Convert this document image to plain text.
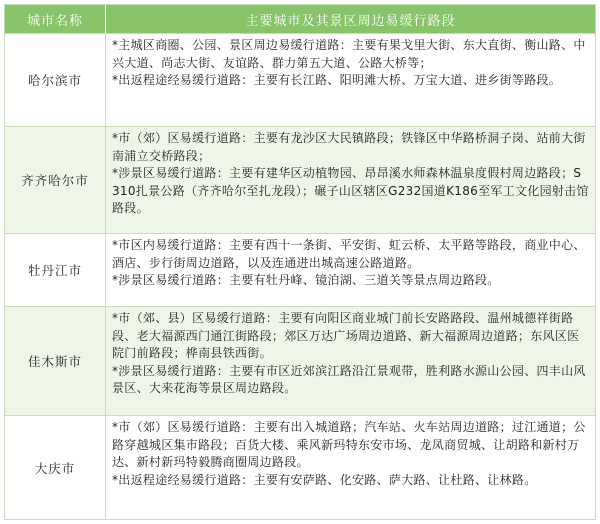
城市名称	主要城市及其景区周边易缓行路段
哈尔滨市

*主城区商圈、公园、景区周边易缓行道路：主要有果戈里大街、东大直街、衡山路、中兴大道、尚志大街、友谊路、群力第五大道、公路大桥等；

*出返程途经易缓行道路：主要有长江路、阳明滩大桥、万宝大道、进乡街等路段。

齐齐哈尔市

*市（郊）区易缓行道路：主要有龙沙区大民镇路段；铁锋区中华路桥洞子岗、站前大街南浦立交桥路段；

*涉景区易缓行道路：主要有建华区动植物园、昂昂溪水师森林温泉度假村周边路段；S310扎景公路（齐齐哈尔至扎龙段）；碾子山区辖区G232国道K186至军工文化园射击馆路段。

牡丹江市

*市区内易缓行道路：主要有西十一条街、平安街、虹云桥、太平路等路段，商业中心、酒店、步行街周边道路，以及连通进出城高速公路道路。

*涉景区易缓行道路：主要有牡丹峰、镜泊湖、三道关等景点周边路段。

佳木斯市

*市（郊、县）区易缓行道路：主要有向阳区商业城门前长安路路段、温州城德祥街路段、老大福源西门通江街路段；郊区万达广场周边道路、新大福源周边道路；东风区医院门前路段；桦南县铁西街。

*涉景区易缓行道路：主要有市区近郊滨江路沿江景观带，胜利路水源山公园、四丰山风景区、大来花海等景区周边路段。

大庆市

*市（郊）区易缓行道路：主要有出入城道路；汽车站、火车站周边道路；过江通道；公路穿越城区集市路段；百货大楼、乘风新玛特东安市场、龙凤商贸城、让胡路和新村万达、新村新玛特毅腾商圈周边路段。

*出返程途经易缓行道路：主要有安萨路、化安路、萨大路、让杜路、让林路。
